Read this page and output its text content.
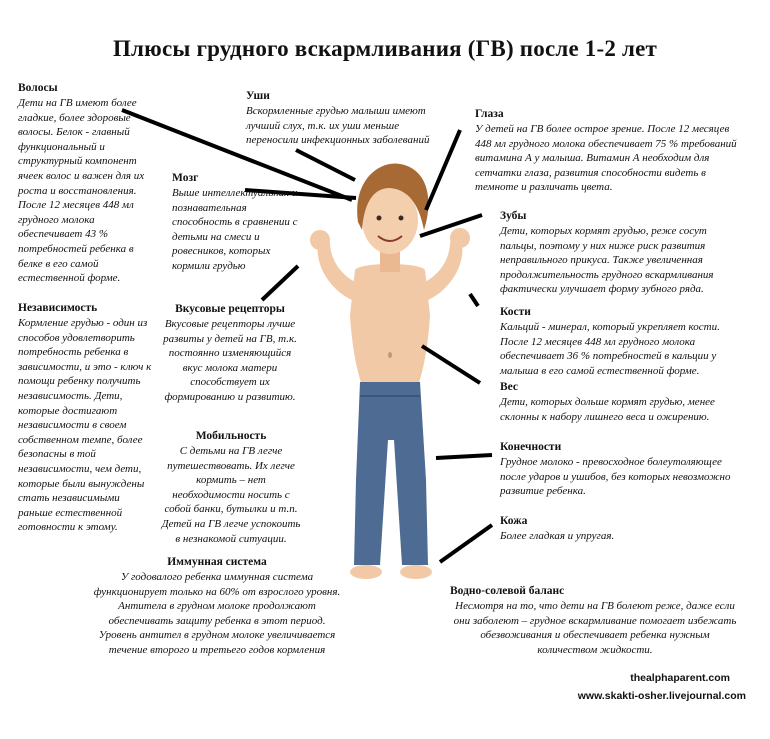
Плюсы грудного вскармливания (ГВ) после 1-2 лет
Волосы

Дети на ГВ имеют более гладкие, более здоровые волосы. Белок - главный функциональный и структурный компонент ячеек волос и важен для их роста и восстановления. После 12 месяцев 448 мл грудного молока обеспечивает 43 % потребностей ребенка в белке в его самой естественной форме.

Уши

Вскормленные грудью малыши имеют лучший слух, т.к. их уши меньше переносили инфекционных заболеваний

Глаза

У детей на ГВ более острое зрение. После 12 месяцев 448 мл грудного молока обеспечивает 75 % требований витамина А у малыша. Витамин А необходим для сетчатки глаза, развития способности видеть в темноте и различать цвета.

Мозг

Выше интеллектуальная и познавательная способность в сравнении с детьми на смеси и ровесников, которых кормили грудью

Зубы

Дети, которых кормят грудью, реже сосут пальцы, поэтому у них ниже риск развития неправильного прикуса. Также увеличенная продолжительность грудного вскармливания фактически улучшает форму зубного ряда.

Независимость

Кормление грудью - один из способов удовлетворить потребность ребенка в зависимости, и это - ключ к помощи ребенку получить независимость. Дети, которые достигают независимости в своем собственном темпе, более безопасны в той независимости, чем дети, которые были вынуждены стать независимыми раньше естественной готовности к этому.

Вкусовые рецепторы

Вкусовые рецепторы лучше развиты у детей на ГВ, т.к. постоянно изменяющийся вкус молока матери способствует их формированию и развитию.

Кости

Кальций - минерал, который укрепляет кости. После 12 месяцев 448 мл грудного молока обеспечивает 36 % потребностей в кальции у малыша в его самой естественной форме.

Вес

Дети, которых дольше кормят грудью, менее склонны к набору лишнего веса и ожирению.

Мобильность

С детьми на ГВ легче путешествовать. Их легче кормить – нет необходимости носить с собой банки, бутылки и т.п. Детей на ГВ легче успокоить в незнакомой ситуации.

Конечности

Грудное молоко - превосходное болеутоляющее после ударов и ушибов, без которых невозможно развитие ребенка.

Кожа

Более гладкая и упругая.

Иммунная система

У годовалого ребенка иммунная система функционирует только на 60% от взрослого уровня. Антитела в грудном молоке продолжают обеспечивать защиту ребенка в этот период. Уровень антител в грудном молоке увеличивается течение второго и третьего годов кормления

Водно-солевой баланс

Несмотря на то, что дети на ГВ болеют реже, даже если они заболеют – грудное вскармливание помогает избежать обезвоживания и обеспечивает ребенка нужным количеством жидкости.

thealphaparent.com
www.skakti-osher.livejournal.com
